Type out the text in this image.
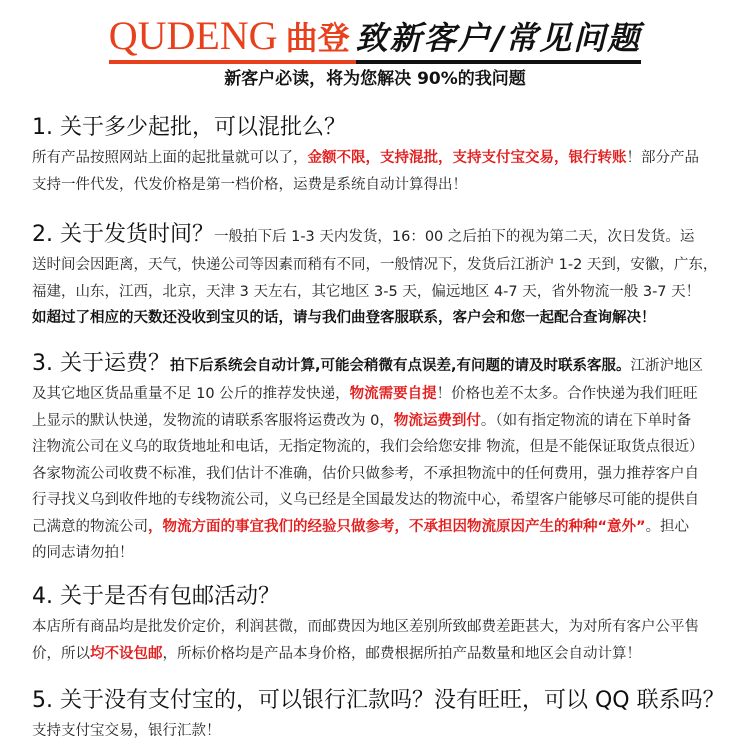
QUDENG 曲登 致新客户/常见问题
新客户必读，将为您解决 90%的我问题
1. 关于多少起批，可以混批么？
所有产品按照网站上面的起批量就可以了，金额不限，支持混批，支持支付宝交易，银行转账！部分产品
支持一件代发，代发价格是第一档价格，运费是系统自动计算得出！
2. 关于发货时间？一般拍下后 1-3 天内发货，16：00 之后拍下的视为第二天，次日发货。运
送时间会因距离，天气，快递公司等因素而稍有不同，一般情况下，发货后江浙沪 1-2 天到，安徽，广东，
福建，山东，江西，北京，天津 3 天左右，其它地区 3-5 天，偏远地区 4-7 天，省外物流一般 3-7 天！
如超过了相应的天数还没收到宝贝的话，请与我们曲登客服联系，客户会和您一起配合查询解决！
3. 关于运费？拍下后系统会自动计算,可能会稍微有点误差,有问题的请及时联系客服。江浙沪地区
及其它地区货品重量不足 10 公斤的推荐发快递，物流需要自提！价格也差不太多。合作快递为我们旺旺
上显示的默认快递，发物流的请联系客服将运费改为 0，物流运费到付。（如有指定物流的请在下单时备
注物流公司在义乌的取货地址和电话，无指定物流的，我们会给您安排 物流，但是不能保证取货点很近）
各家物流公司收费不标准，我们估计不准确，估价只做参考，不承担物流中的任何费用，强力推荐客户自
行寻找义乌到收件地的专线物流公司，义乌已经是全国最发达的物流中心，希望客户能够尽可能的提供自
己满意的物流公司，物流方面的事宜我们的经验只做参考，不承担因物流原因产生的种种“意外”。担心
的同志请勿拍！
4. 关于是否有包邮活动？
本店所有商品均是批发价定价，利润甚微，而邮费因为地区差别所致邮费差距甚大，为对所有客户公平售
价，所以均不设包邮，所标价格均是产品本身价格，邮费根据所拍产品数量和地区会自动计算！
5. 关于没有支付宝的，可以银行汇款吗？没有旺旺，可以 QQ 联系吗？
支持支付宝交易，银行汇款！
